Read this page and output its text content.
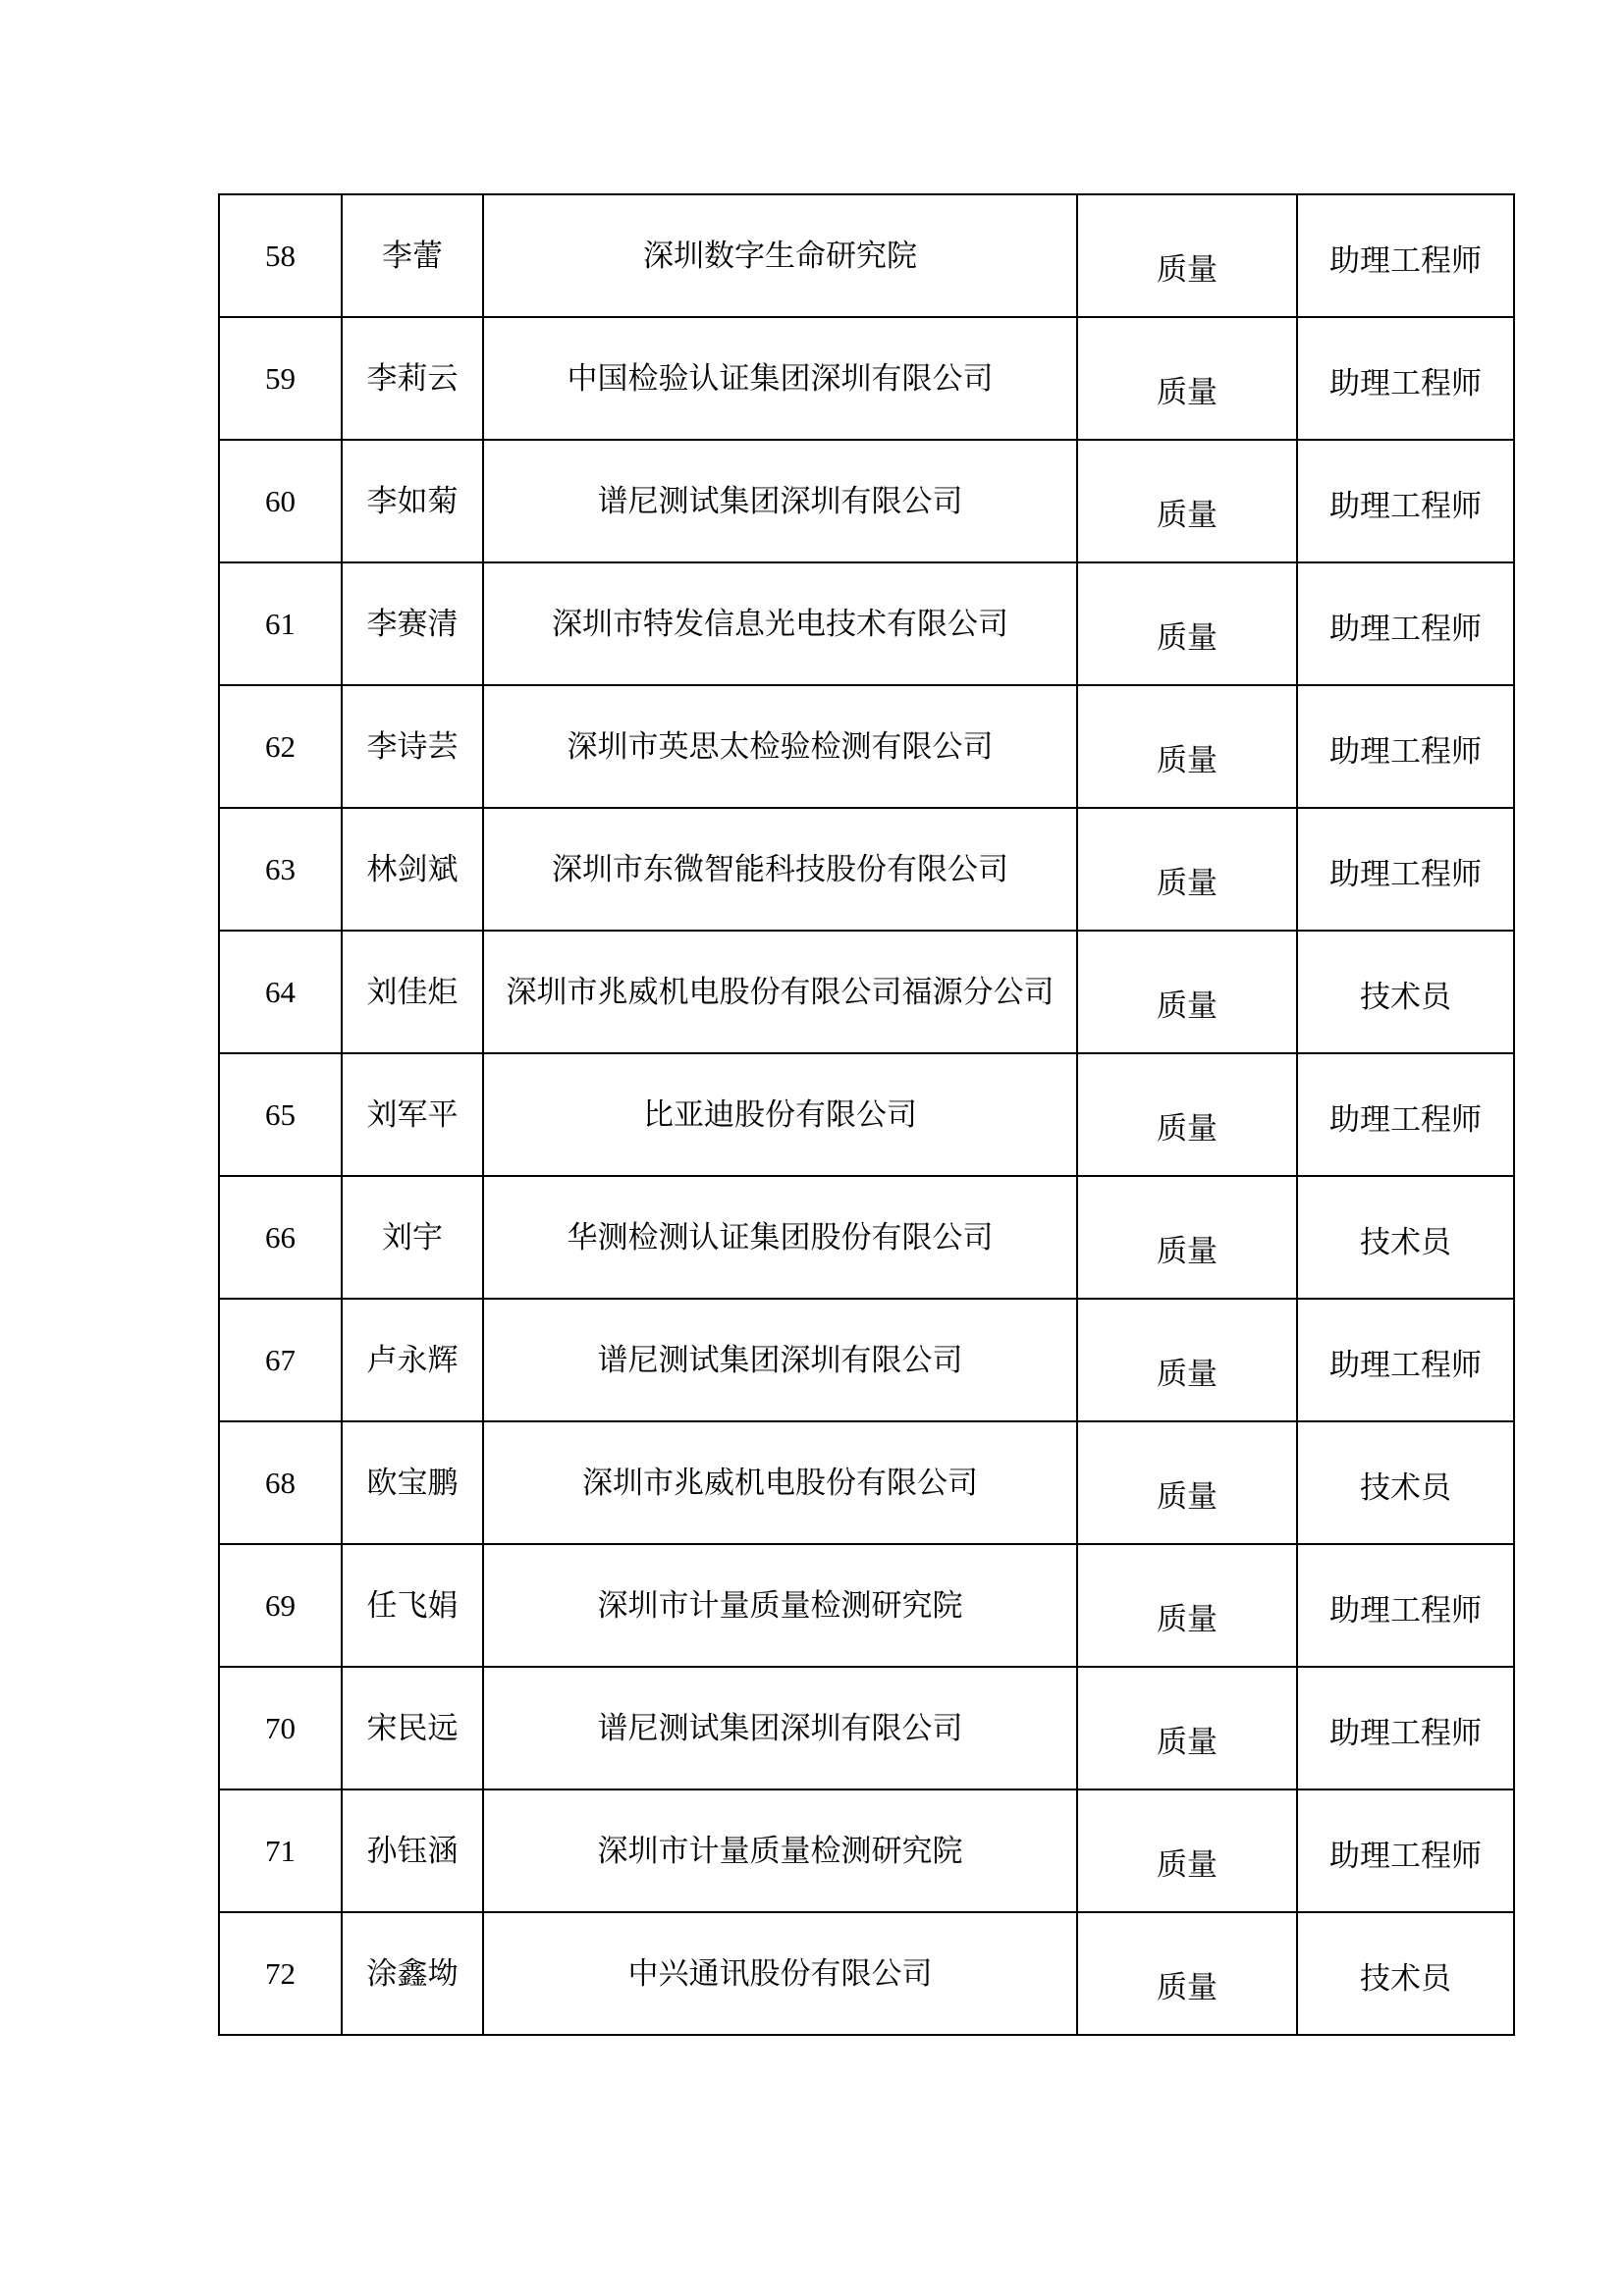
58	李蕾	深圳数字生命研究院	质量	助理工程师
59	李莉云	中国检验认证集团深圳有限公司	质量	助理工程师
60	李如菊	谱尼测试集团深圳有限公司	质量	助理工程师
61	李赛清	深圳市特发信息光电技术有限公司	质量	助理工程师
62	李诗芸	深圳市英思太检验检测有限公司	质量	助理工程师
63	林剑斌	深圳市东微智能科技股份有限公司	质量	助理工程师
64	刘佳炬	深圳市兆威机电股份有限公司福源分公司	质量	技术员
65	刘军平	比亚迪股份有限公司	质量	助理工程师
66	刘宇	华测检测认证集团股份有限公司	质量	技术员
67	卢永辉	谱尼测试集团深圳有限公司	质量	助理工程师
68	欧宝鹏	深圳市兆威机电股份有限公司	质量	技术员
69	任飞娟	深圳市计量质量检测研究院	质量	助理工程师
70	宋民远	谱尼测试集团深圳有限公司	质量	助理工程师
71	孙钰涵	深圳市计量质量检测研究院	质量	助理工程师
72	涂鑫坳	中兴通讯股份有限公司	质量	技术员
